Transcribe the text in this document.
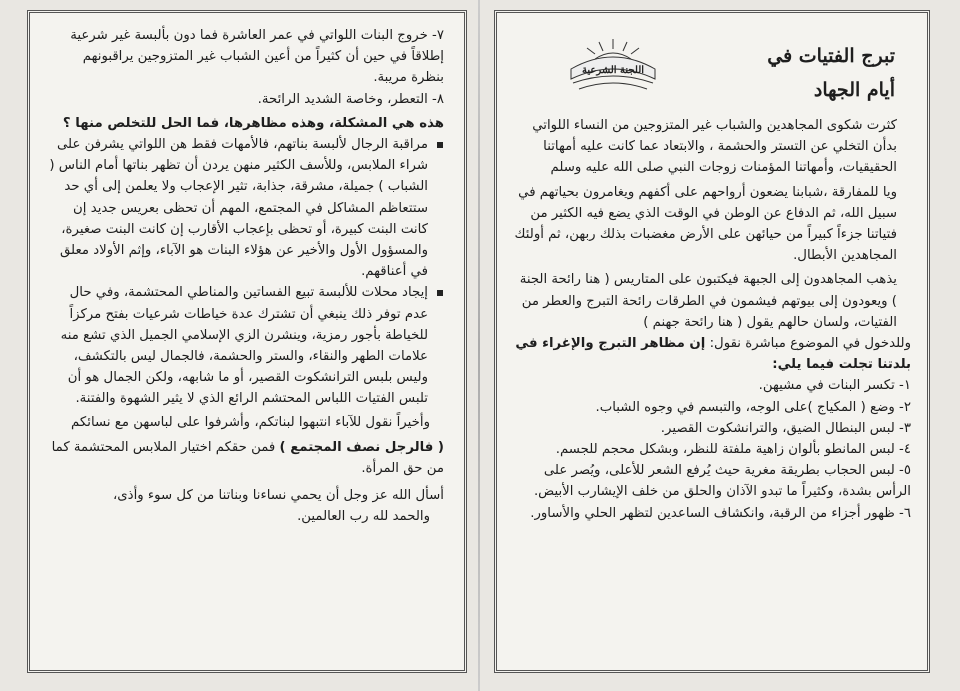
٧- خروج البنات اللواتي في عمر العاشرة فما دون بألبسة غير شرعية إطلاقاً في حين أن كثيراً من أعين الشباب غير المتزوجين يراقبونهم بنظرة مريبة.

٨- التعطر، وخاصة الشديد الرائحة.

هذه هي المشكلة، وهذه مظاهرها، فما الحل للتخلص منها ؟

مراقبة الرجال لألبسة بناتهم، فالأمهات فقط هن اللواتي يشرفن على شراء الملابس، وللأسف الكثير منهن يردن أن تظهر بناتها أمام الناس ( الشباب ) جميلة، مشرقة، جذابة، تثير الإعجاب ولا يعلمن إلى أي حد ستتعاظم المشاكل في المجتمع، المهم أن تحظى بعريس جديد إن كانت البنت كبيرة، أو تحظى بإعجاب الأقارب إن كانت البنت صغيرة، والمسؤول الأول والأخير عن هؤلاء البنات هو الآباء، وإثم الأولاد معلق في أعناقهم.
إيجاد محلات للألبسة تبيع الفساتين والمناطي المحتشمة، وفي حال عدم توفر ذلك ينبغي أن تشترك عدة خياطات شرعيات بفتح مركزاً للخياطة بأجور رمزية، وينشرن الزي الإسلامي الجميل الذي تشع منه علامات الطهر والنقاء، والستر والحشمة، فالجمال ليس بالتكشف، وليس بلبس الترانشكوت القصير، أو ما شابهه، ولكن الجمال هو أن تلبس الفتيات اللباس المحتشم الرائع الذي لا يثير الشهوة والفتنة.

وأخيراً نقول للآباء انتبهوا لبناتكم، وأشرفوا على لباسهن مع نسائكم

( فالرجل نصف المجتمع ) فمن حقكم اختيار الملابس المحتشمة كما من حق المرأة.

أسأل الله عز وجل أن يحمي نساءنا وبناتنا من كل سوء وأذى،

والحمد لله رب العالمين.

اللجنة الشرعية
تبرج الفتيات في
أيام الجهاد

كثرت شكوى المجاهدين والشباب غير المتزوجين من النساء اللواتي بدأن التخلي عن التستر والحشمة ، والابتعاد عما كانت عليه أمهاتنا الحقيقيات، وأمهاتنا المؤمنات زوجات النبي صلى الله عليه وسلم

ويا للمفارقة ،شبابنا يضعون أرواحهم على أكفهم ويغامرون بحياتهم في سبيل الله، ثم الدفاع عن الوطن في الوقت الذي يضع فيه الكثير من فتياتنا جزءاً كبيراً من حيائهن على الأرض مغضبات بذلك ربهن، ثم أولئك المجاهدين الأبطال.

يذهب المجاهدون إلى الجبهة فيكتبون على المتاريس ( هنا رائحة الجنة ) ويعودون إلى بيوتهم فيشمون في الطرقات رائحة التبرج والعطر من الفتيات، ولسان حالهم يقول ( هنا رائحة جهنم )

وللدخول في الموضوع مباشرة نقول: إن مظاهر التبرج والإغراء في بلدتنا تجلت فيما يلي:

١- تكسر البنات في مشيهن.
٢- وضع ( المكياج )على الوجه، والتبسم في وجوه الشباب.
٣- لبس البنطال الضيق، والترانشكوت القصير.
٤- لبس المانطو بألوان زاهية ملفتة للنظر، وبشكل محجم للجسم.
٥- لبس الحجاب بطريقة مغرية حيث يُرفع الشعر للأعلى، ويُصر على الرأس بشدة، وكثيراً ما تبدو الآذان والحلق من خلف الإيشارب الأبيض.
٦- ظهور أجزاء من الرقبة، وانكشاف الساعدين لتظهر الحلي والأساور.
